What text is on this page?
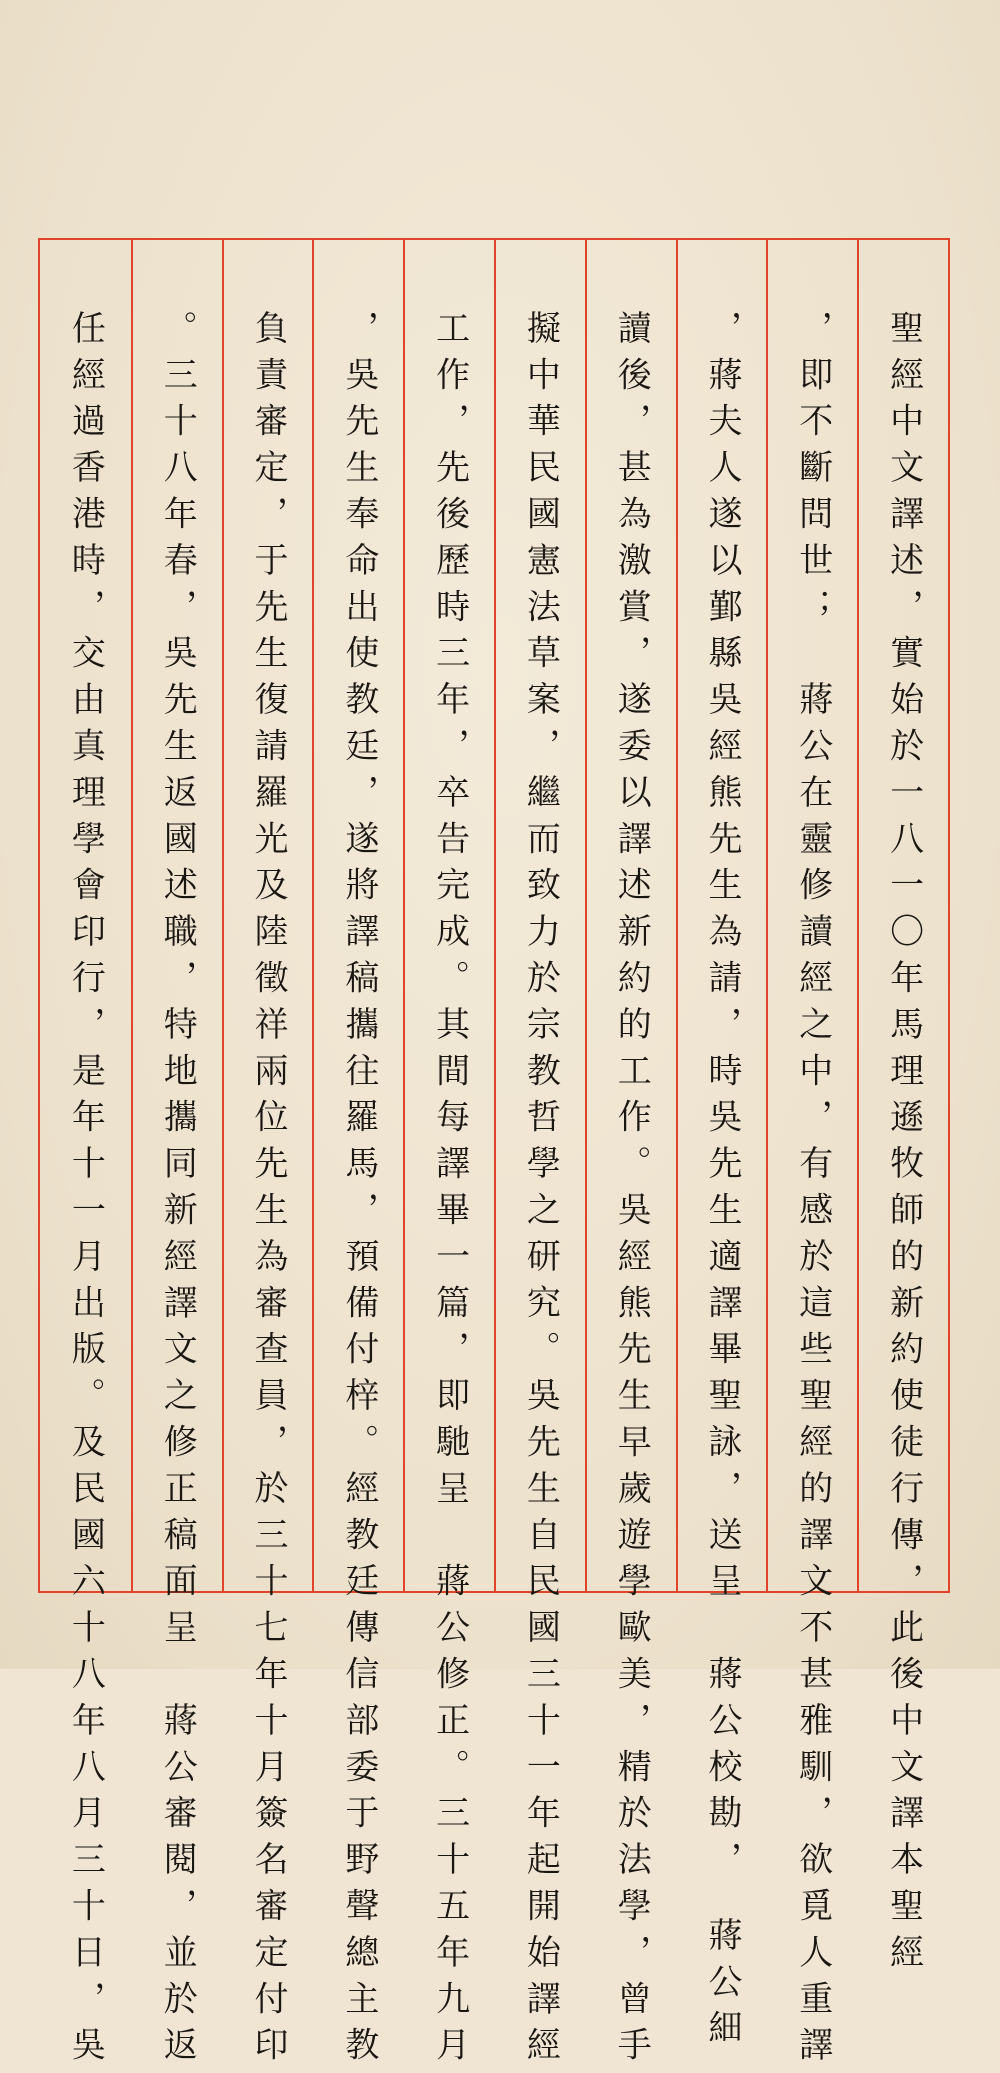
聖經中文譯述，實始於一八一〇年馬理遜牧師的新約使徒行傳，此後中文譯本聖經
，即不斷問世；　蔣公在靈修讀經之中，有感於這些聖經的譯文不甚雅馴，欲覓人重譯
，蔣夫人遂以鄞縣吳經熊先生為請，時吳先生適譯畢聖詠，送呈　蔣公校勘，　蔣公細
讀後，甚為激賞，遂委以譯述新約的工作。吳經熊先生早歲遊學歐美，精於法學，曾手
擬中華民國憲法草案，繼而致力於宗教哲學之研究。吳先生自民國三十一年起開始譯經
工作，先後歷時三年，卒告完成。其間每譯畢一篇，即馳呈　蔣公修正。三十五年九月
，吳先生奉命出使教廷，遂將譯稿攜往羅馬，預備付梓。經教廷傳信部委于野聲總主教
負責審定，于先生復請羅光及陸徵祥兩位先生為審查員，於三十七年十月簽名審定付印
。三十八年春，吳先生返國述職，特地攜同新經譯文之修正稿面呈　蔣公審閱，並於返
任經過香港時，交由真理學會印行，是年十一月出版。及民國六十八年八月三十日，吳
